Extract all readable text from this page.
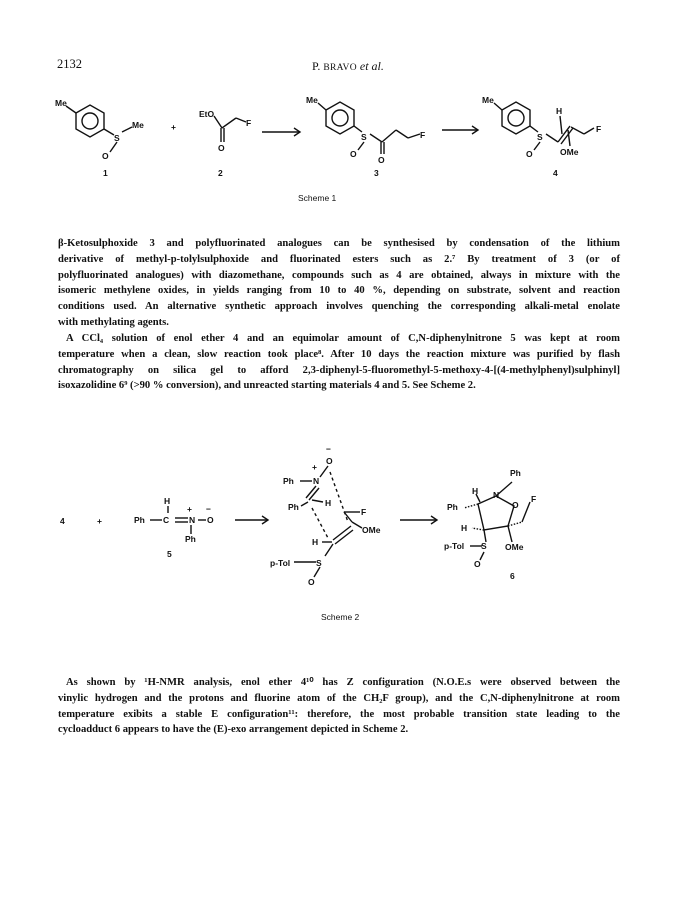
2132	P. BRAVO et al.
Me
S
Me
O
EtO
F
O
Me
S
O
O
F
Me
H
S
O
F
OMe
+
1	2	3	4
Scheme 1
β-Ketosulphoxide 3 and polyfluorinated analogues can be synthesised by condensation of the lithium
derivative of methyl-p-tolylsulphoxide and fluorinated esters such as 2.⁷ By treatment of 3 (or of
polyfluorinated analogues) with diazomethane, compounds such as 4 are obtained, always in mixture with the
isomeric methylene oxides, in yields ranging from 10 to 40 %, depending on substrate, solvent and reaction
conditions used. An alternative synthetic approach involves quenching the corresponding alkali-metal enolate
with methylating agents.
A CCl₄ solution of enol ether 4 and an equimolar amount of C,N-diphenylnitrone 5 was kept at room
temperature when a clean, slow reaction took place⁸. After 10 days the reaction mixture was purified by flash
chromatography on silica gel to afford 2,3-diphenyl-5-fluoromethyl-5-methoxy-4-[(4-methylphenyl)sulphinyl]
isoxazolidine 6⁹ (>90 % conversion), and unreacted starting materials 4 and 5. See Scheme 2.
4	+
H
+ −
Ph C N O
Ph
5
O
−
+
Ph N
Ph	H
F
OMe
H
p-Tol	S
O
Ph
N
H
O
F
Ph
H
p-Tol S OMe
O
6
Scheme 2
As shown by ¹H-NMR analysis, enol ether 4¹⁰ has Z configuration (N.O.E.s were observed between the
vinylic hydrogen and the protons and fluorine atom of the CH₂F group), and the C,N-diphenylnitrone at room
temperature exibits a stable E configuration¹¹: therefore, the most probable transition state leading to the
cycloadduct 6 appears to have the (E)-exo arrangement depicted in Scheme 2.
